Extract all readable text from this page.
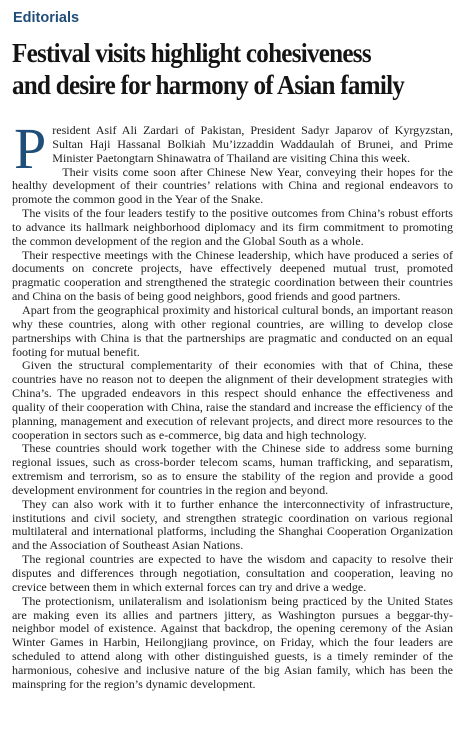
Editorials
Festival visits highlight cohesiveness
and desire for harmony of Asian family
P resident Asif Ali Zardari of Pakistan, President Sadyr Japarov of Kyrgyzstan, Sultan Haji Hassanal Bolkiah Mu’izzaddin Waddaulah of Brunei, and Prime Minister Paetongtarn Shinawatra of Thailand are visiting China this week.

Their visits come soon after Chinese New Year, conveying their hopes for the healthy development of their countries’ relations with China and regional endeavors to promote the common good in the Year of the Snake.

The visits of the four leaders testify to the positive outcomes from China’s robust efforts to advance its hallmark neighborhood diplomacy and its firm commitment to promoting the common development of the region and the Global South as a whole.

Their respective meetings with the Chinese leadership, which have produced a series of documents on concrete projects, have effectively deepened mutual trust, promoted pragmatic cooperation and strengthened the strategic coordination between their countries and China on the basis of being good neighbors, good friends and good partners.

Apart from the geographical proximity and historical cultural bonds, an important reason why these countries, along with other regional countries, are willing to develop close partnerships with China is that the partnerships are pragmatic and conducted on an equal footing for mutual benefit.

Given the structural complementarity of their economies with that of China, these countries have no reason not to deepen the alignment of their development strategies with China’s. The upgraded endeavors in this respect should enhance the effectiveness and quality of their cooperation with China, raise the standard and increase the efficiency of the planning, management and execution of relevant projects, and direct more resources to the cooperation in sectors such as e-commerce, big data and high technology.

These countries should work together with the Chinese side to address some burning regional issues, such as cross-border telecom scams, human trafficking, and separatism, extremism and terrorism, so as to ensure the stability of the region and provide a good development environment for countries in the region and beyond.

They can also work with it to further enhance the interconnectivity of infrastructure, institutions and civil society, and strengthen strategic coordination on various regional multilateral and international platforms, including the Shanghai Cooperation Organization and the Association of Southeast Asian Nations.

The regional countries are expected to have the wisdom and capacity to resolve their disputes and differences through negotiation, consultation and cooperation, leaving no crevice between them in which external forces can try and drive a wedge.

The protectionism, unilateralism and isolationism being practiced by the United States are making even its allies and partners jittery, as Washington pursues a beggar-thy-neighbor model of existence. Against that backdrop, the opening ceremony of the Asian Winter Games in Harbin, Heilongjiang province, on Friday, which the four leaders are scheduled to attend along with other distinguished guests, is a timely reminder of the harmonious, cohesive and inclusive nature of the big Asian family, which has been the mainspring for the region’s dynamic development.
